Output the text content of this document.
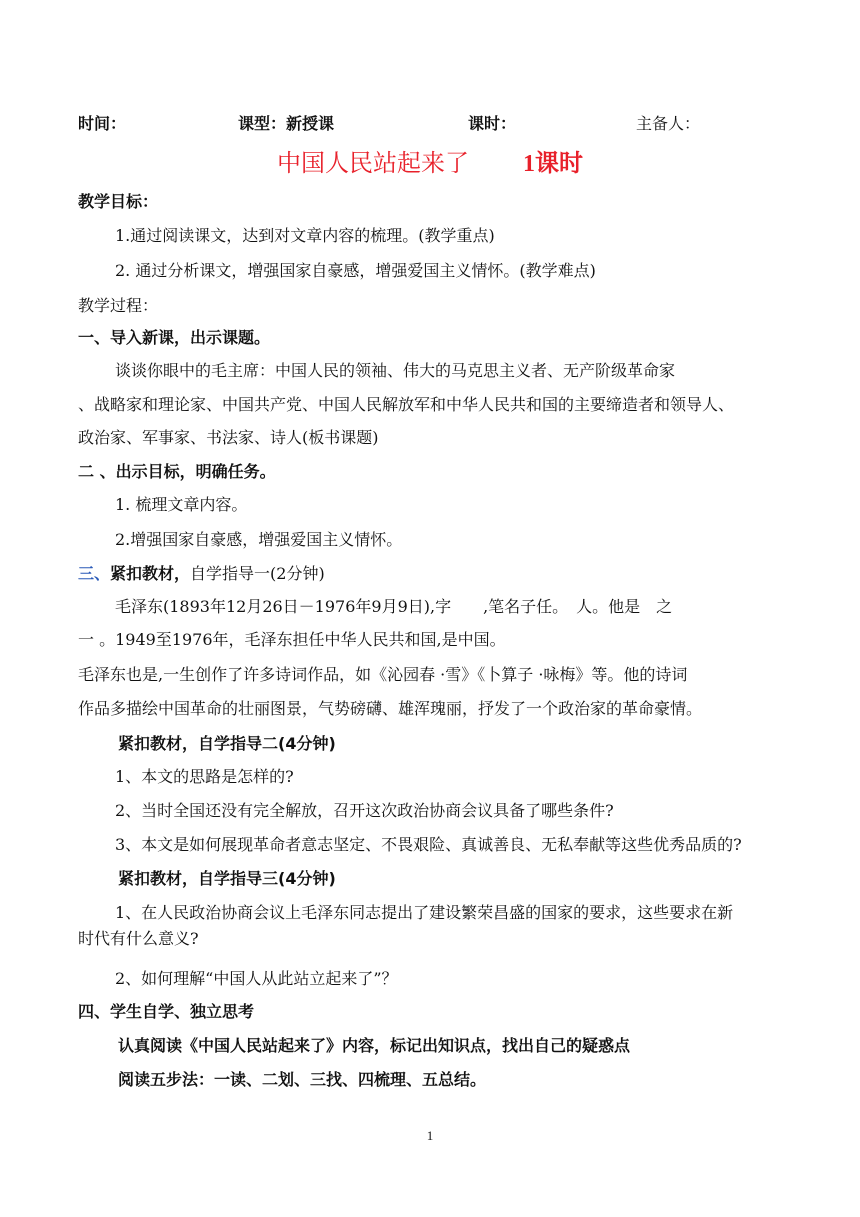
时间：	课型：新授课	课时：	主备人：
中国人民站起来了 1课时
教学目标：
1.通过阅读课文，达到对文章内容的梳理。(教学重点)
2. 通过分析课文，增强国家自豪感，增强爱国主义情怀。(教学难点)
教学过程：
一、导入新课，出示课题。
谈谈你眼中的毛主席：中国人民的领袖、伟大的马克思主义者、无产阶级革命家
、战略家和理论家、中国共产党、中国人民解放军和中华人民共和国的主要缔造者和领导人、
政治家、军事家、书法家、诗人(板书课题)
二 、出示目标，明确任务。
1. 梳理文章内容。
2.增强国家自豪感，增强爱国主义情怀。
三、紧扣教材，自学指导一(2分钟)
毛泽东(1893年12月26日－1976年9月9日),字　　,笔名子任。　人。他是　之
一 。1949至1976年，毛泽东担任中华人民共和国,是中国。
毛泽东也是,一生创作了许多诗词作品，如《沁园春 ·雪》《卜算子 ·咏梅》等。他的诗词
作品多描绘中国革命的壮丽图景，气势磅礴、雄浑瑰丽，抒发了一个政治家的革命豪情。
紧扣教材，自学指导二(4分钟)
1、本文的思路是怎样的?
2、当时全国还没有完全解放，召开这次政治协商会议具备了哪些条件?
3、本文是如何展现革命者意志坚定、不畏艰险、真诚善良、无私奉献等这些优秀品质的?
紧扣教材，自学指导三(4分钟)
1、在人民政治协商会议上毛泽东同志提出了建设繁荣昌盛的国家的要求，这些要求在新
时代有什么意义?
2、如何理解“中国人从此站立起来了”？
四、学生自学、独立思考
认真阅读《中国人民站起来了》内容，标记出知识点，找出自己的疑惑点
阅读五步法：一读、二划、三找、四梳理、五总结。
1
